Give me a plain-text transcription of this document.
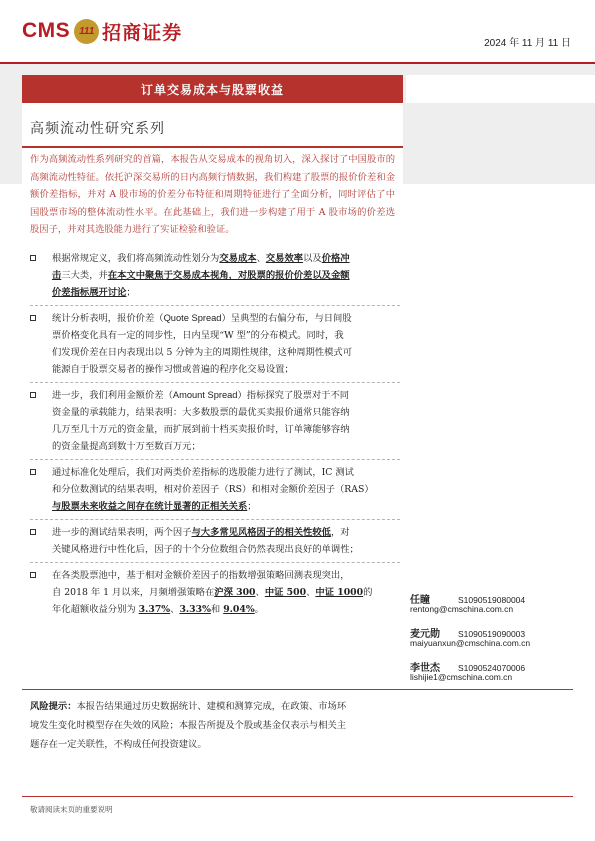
CMS 111 招商证券	2024 年 11 月 11 日
订单交易成本与股票收益
高频流动性研究系列
作为高频流动性系列研究的首篇，本报告从交易成本的视角切入，深入探讨了中国股市的高频流动性特征。依托沪深交易所的日内高频行情数据，我们构建了股票的报价价差和金额价差指标，并对 A 股市场的价差分布特征和周期特征进行了全面分析，同时评估了中国股票市场的整体流动性水平。在此基础上，我们进一步构建了用于 A 股市场的价差选股因子，并对其选股能力进行了实证检验和验证。

根据常规定义，我们将高频流动性划分为交易成本、交易效率以及价格冲
击三大类，并在本文中聚焦于交易成本视角，对股票的报价价差以及金额
价差指标展开讨论；

统计分析表明，报价价差（Quote Spread）呈典型的右偏分布，与日间股
票价格变化具有一定的同步性，日内呈现“W 型”的分布模式。同时，我
们发现价差在日内表现出以 5 分钟为主的周期性规律，这种周期性模式可
能源自于股票交易者的操作习惯或普遍的程序化交易设置；

进一步，我们利用金额价差（Amount Spread）指标探究了股票对于不同
资金量的承载能力，结果表明：大多数股票的最优买卖报价通常只能容纳
几万至几十万元的资金量，而扩展到前十档买卖报价时，订单簿能够容纳
的资金量提高到数十万至数百万元；

通过标准化处理后，我们对两类价差指标的选股能力进行了测试，IC 测试
和分位数测试的结果表明，相对价差因子（RS）和相对金额价差因子（RAS）
与股票未来收益之间存在统计显著的正相关关系；

进一步的测试结果表明，两个因子与大多常见风格因子的相关性较低，对
关键风格进行中性化后，因子的十个分位数组合仍然表现出良好的单调性；

在各类股票池中，基于相对金额价差因子的指数增强策略回测表现突出，
自 2018 年 1 月以来，月频增强策略在沪深 300、中证 500、中证 1000的
年化超额收益分别为 3.37%、3.33%和 9.04%。

任瞳	S1090519080004
rentong@cmschina.com.cn
麦元勋	S1090519090003
maiyuanxun@cmschina.com.cn
李世杰	S1090524070006
lishijie1@cmschina.com.cn
风险提示：本报告结果通过历史数据统计、建模和测算完成，在政策、市场环
境发生变化时模型存在失效的风险；本报告所提及个股或基金仅表示与相关主
题存在一定关联性，不构成任何投资建议。
敬请阅读末页的重要说明
